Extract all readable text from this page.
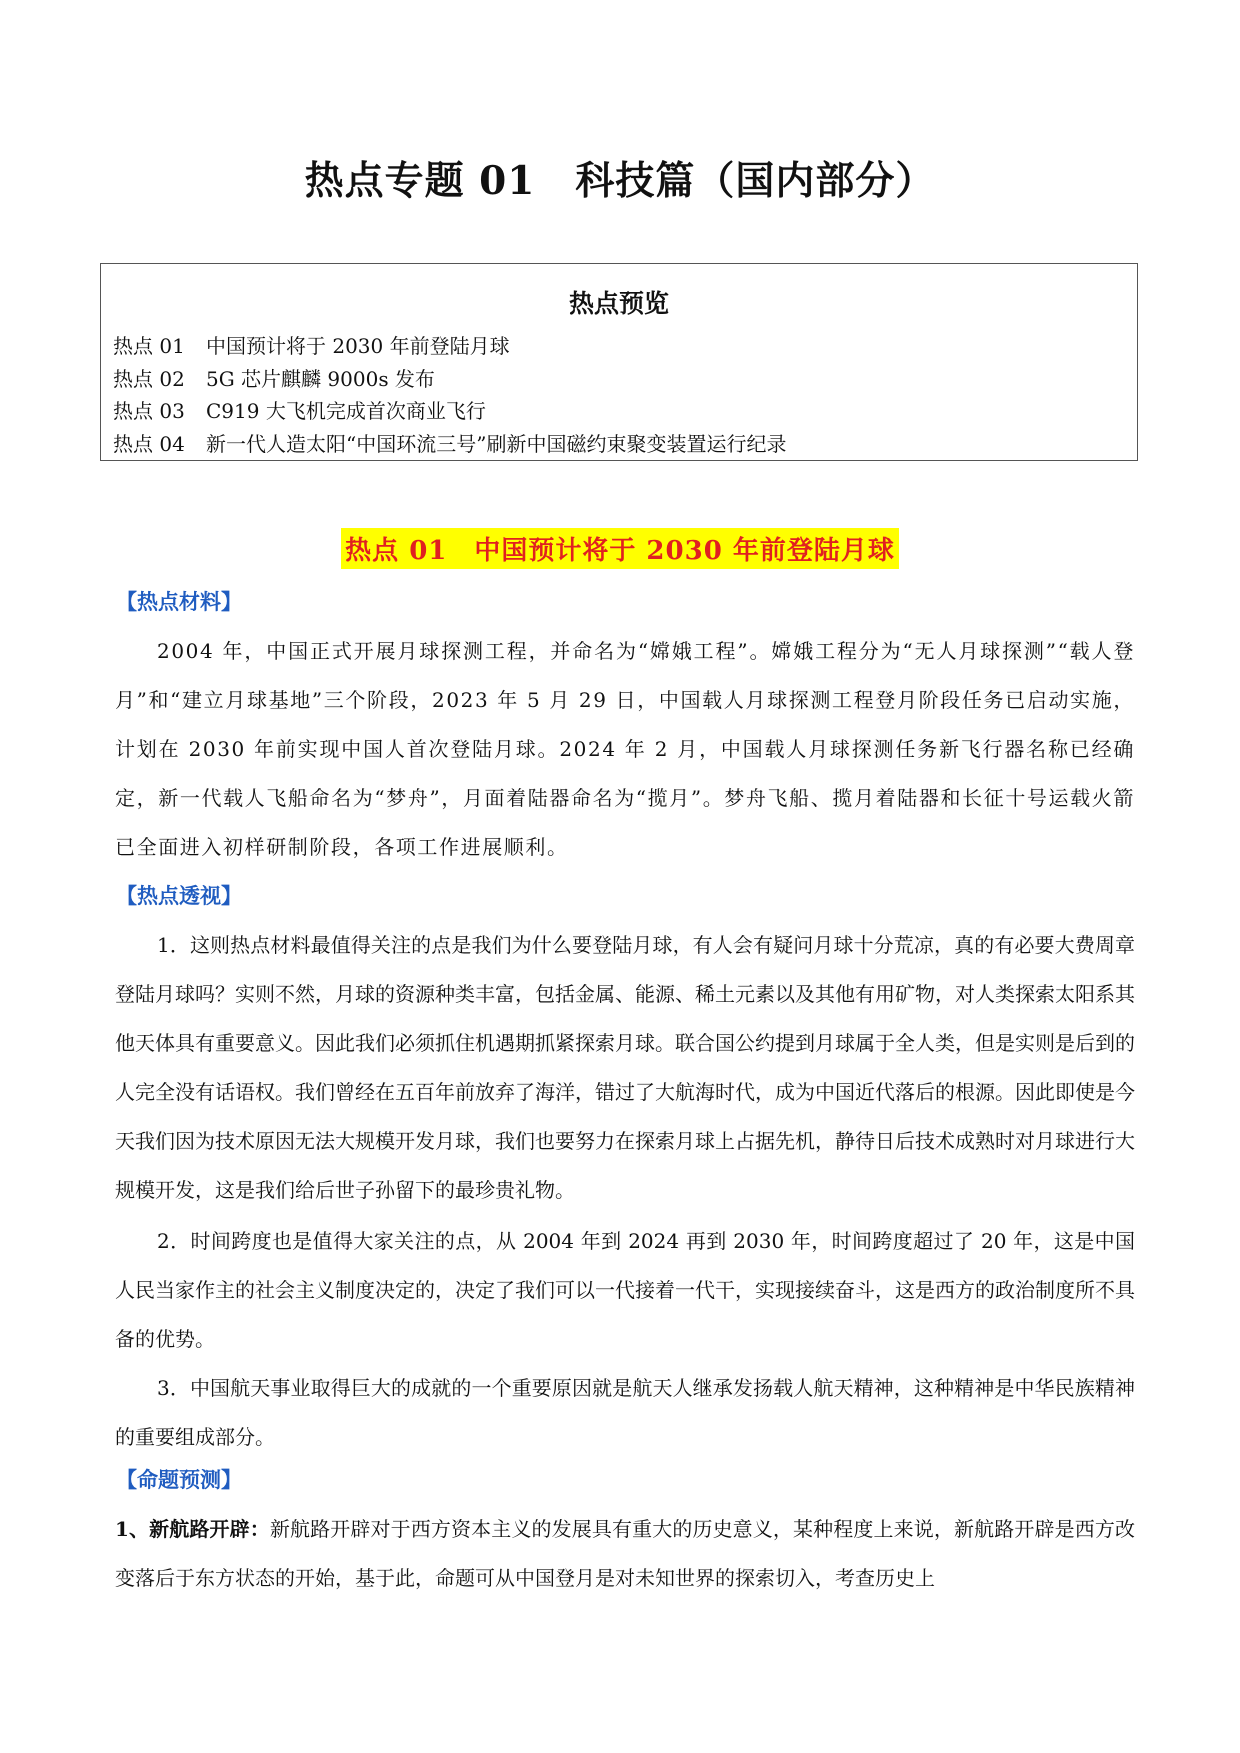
热点专题 01　科技篇（国内部分）
热点预览
热点 01 中国预计将于 2030 年前登陆月球
热点 02 5G 芯片麒麟 9000s 发布
热点 03 C919 大飞机完成首次商业飞行
热点 04 新一代人造太阳“中国环流三号”刷新中国磁约束聚变装置运行纪录
热点 01　中国预计将于 2030 年前登陆月球
【热点材料】

2004 年，中国正式开展月球探测工程，并命名为“嫦娥工程”。嫦娥工程分为“无人月球探测”“载人登月”和“建立月球基地”三个阶段，2023 年 5 月 29 日，中国载人月球探测工程登月阶段任务已启动实施，计划在 2030 年前实现中国人首次登陆月球。2024 年 2 月，中国载人月球探测任务新飞行器名称已经确定，新一代载人飞船命名为“梦舟”，月面着陆器命名为“揽月”。梦舟飞船、揽月着陆器和长征十号运载火箭已全面进入初样研制阶段，各项工作进展顺利。

【热点透视】

1．这则热点材料最值得关注的点是我们为什么要登陆月球，有人会有疑问月球十分荒凉，真的有必要大费周章登陆月球吗？实则不然，月球的资源种类丰富，包括金属、能源、稀土元素以及其他有用矿物，对人类探索太阳系其他天体具有重要意义。因此我们必须抓住机遇期抓紧探索月球。联合国公约提到月球属于全人类，但是实则是后到的人完全没有话语权。我们曾经在五百年前放弃了海洋，错过了大航海时代，成为中国近代落后的根源。因此即使是今天我们因为技术原因无法大规模开发月球，我们也要努力在探索月球上占据先机，静待日后技术成熟时对月球进行大规模开发，这是我们给后世子孙留下的最珍贵礼物。

2．时间跨度也是值得大家关注的点，从 2004 年到 2024 再到 2030 年，时间跨度超过了 20 年，这是中国人民当家作主的社会主义制度决定的，决定了我们可以一代接着一代干，实现接续奋斗，这是西方的政治制度所不具备的优势。

3．中国航天事业取得巨大的成就的一个重要原因就是航天人继承发扬载人航天精神，这种精神是中华民族精神的重要组成部分。

【命题预测】

1、新航路开辟：新航路开辟对于西方资本主义的发展具有重大的历史意义，某种程度上来说，新航路开辟是西方改变落后于东方状态的开始，基于此，命题可从中国登月是对未知世界的探索切入，考查历史上
